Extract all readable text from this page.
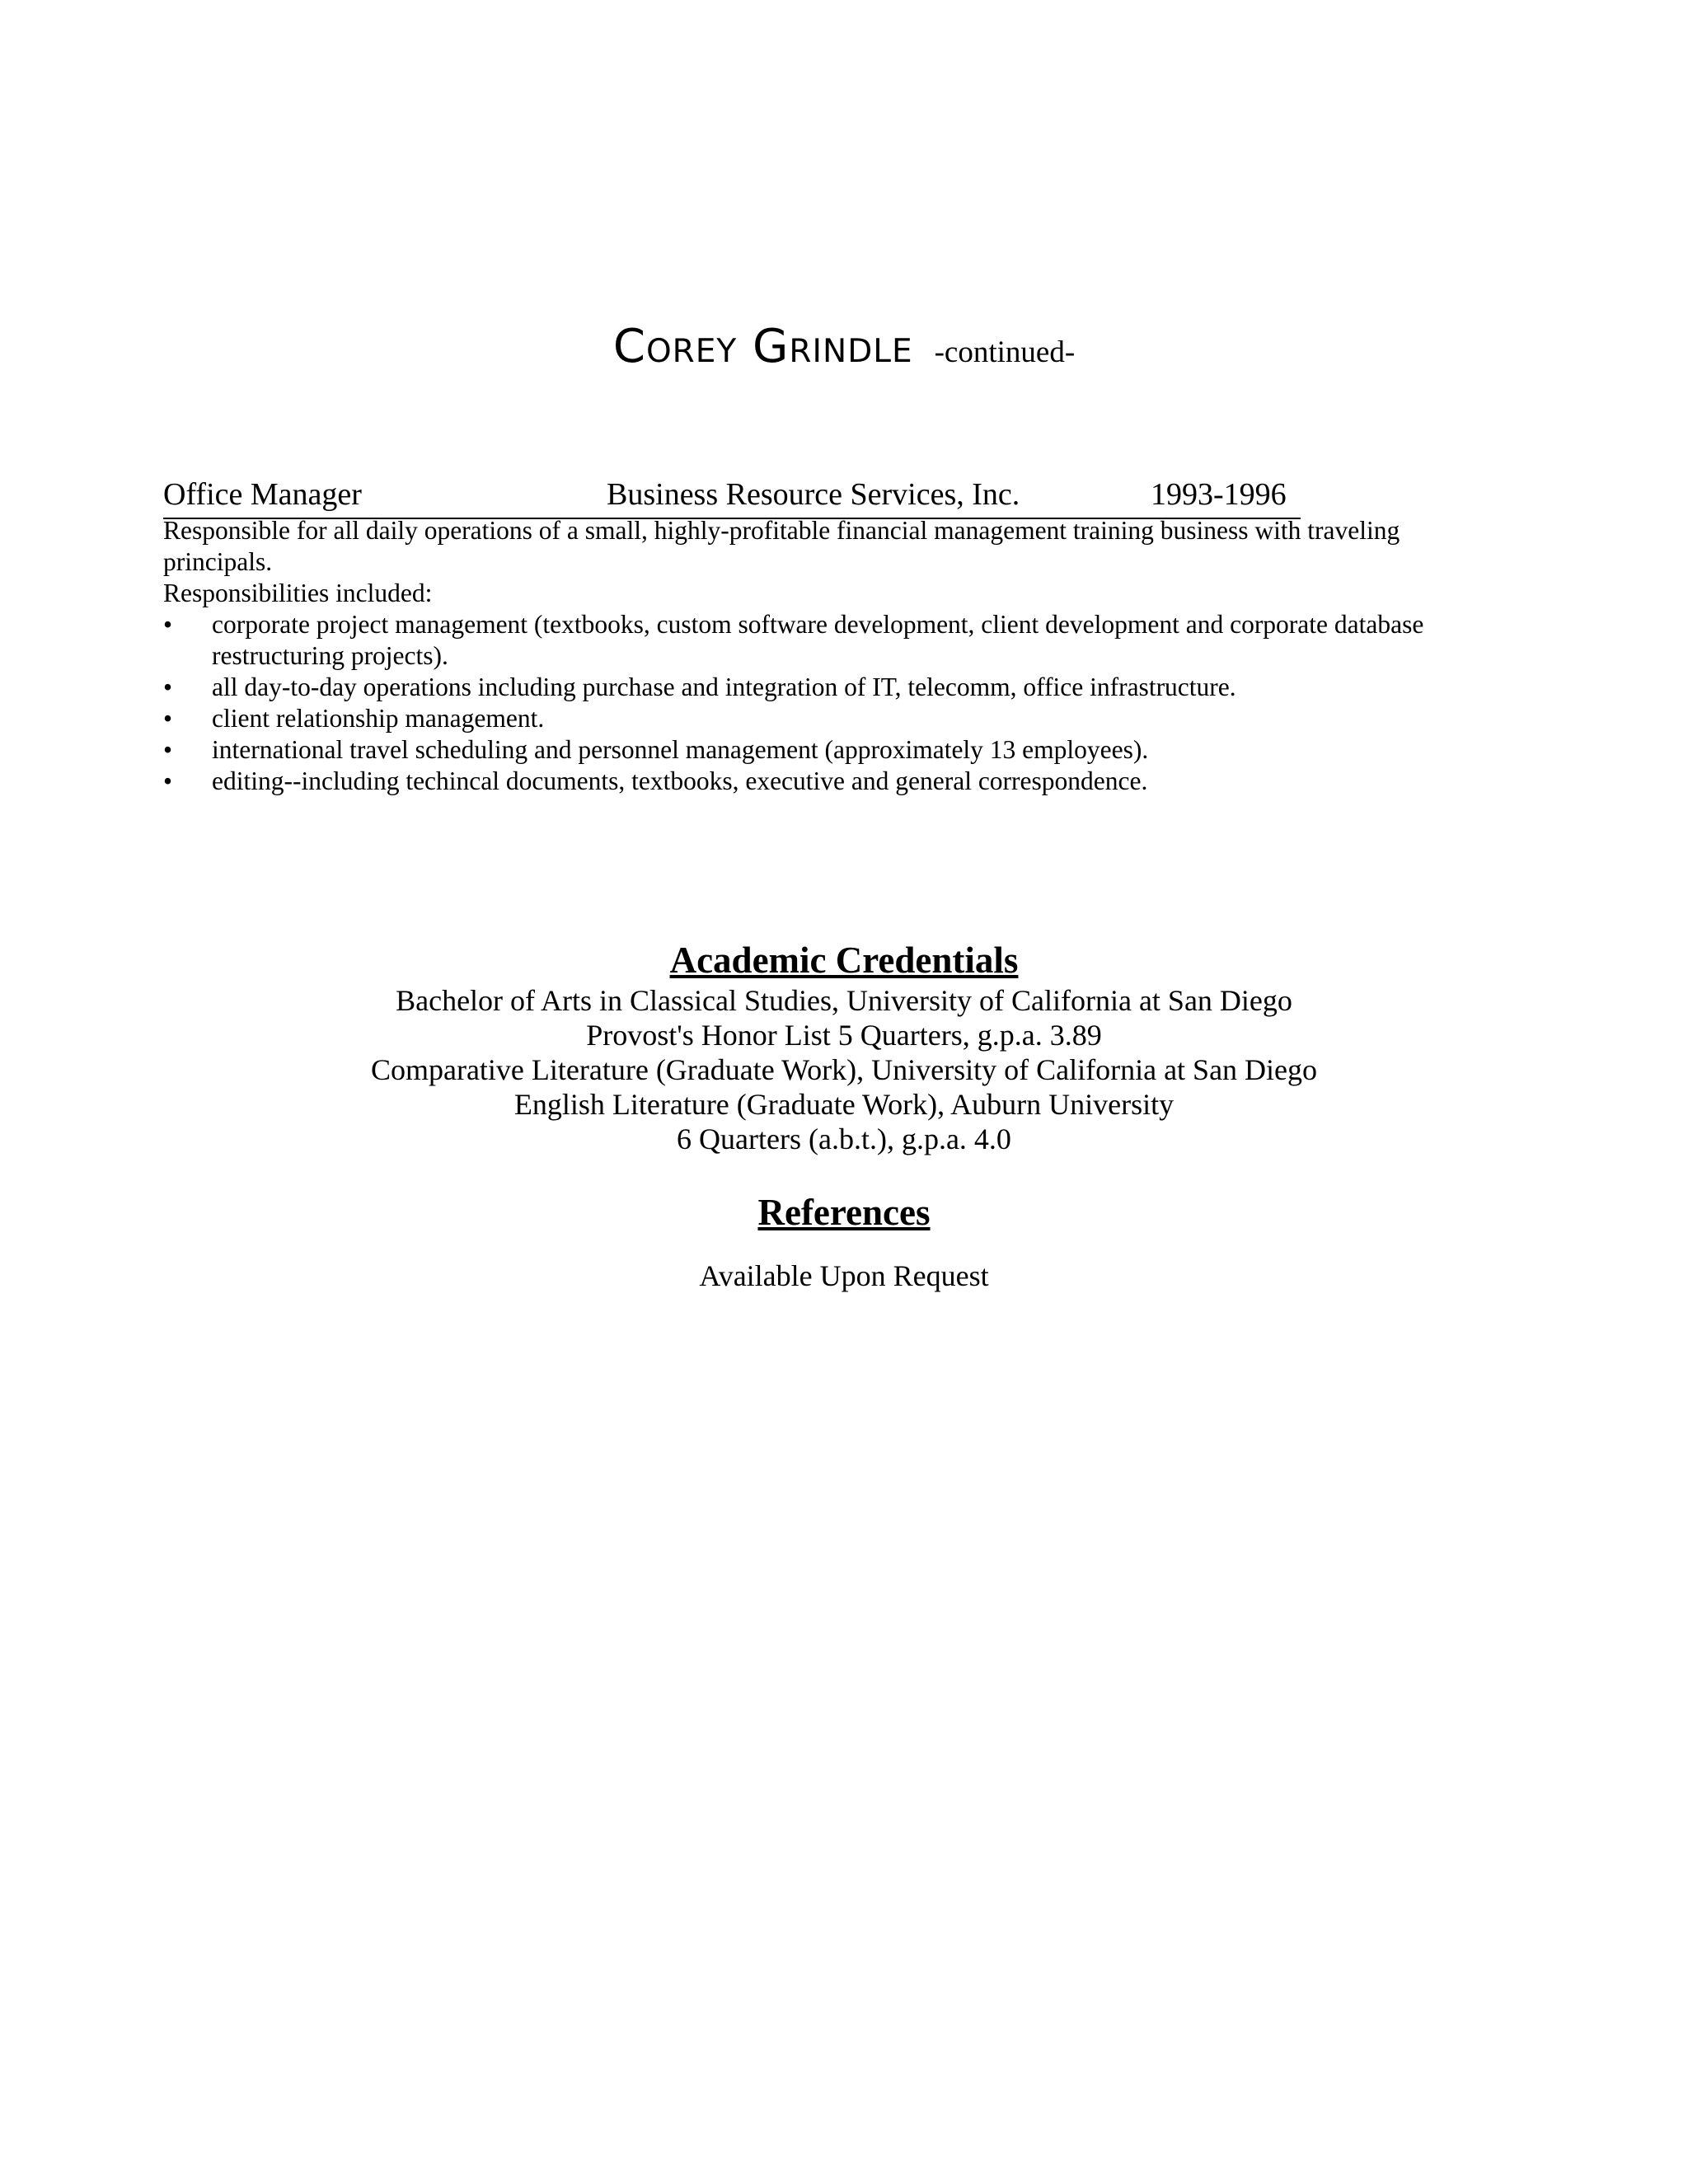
Corey Grindle -continued-
Office Manager	Business Resource Services, Inc.	1993-1996
Responsible for all daily operations of a small, highly-profitable financial management training business with traveling
principals.
Responsibilities included:
• corporate project management (textbooks, custom software development, client development and corporate database restructuring projects).
• all day-to-day operations including purchase and integration of IT, telecomm, office infrastructure.
• client relationship management.
• international travel scheduling and personnel management (approximately 13 employees).
• editing--including techincal documents, textbooks, executive and general correspondence.
Academic Credentials
Bachelor of Arts in Classical Studies, University of California at San Diego
Provost's Honor List 5 Quarters, g.p.a. 3.89
Comparative Literature (Graduate Work), University of California at San Diego
English Literature (Graduate Work), Auburn University
6 Quarters (a.b.t.), g.p.a. 4.0
References
Available Upon Request
